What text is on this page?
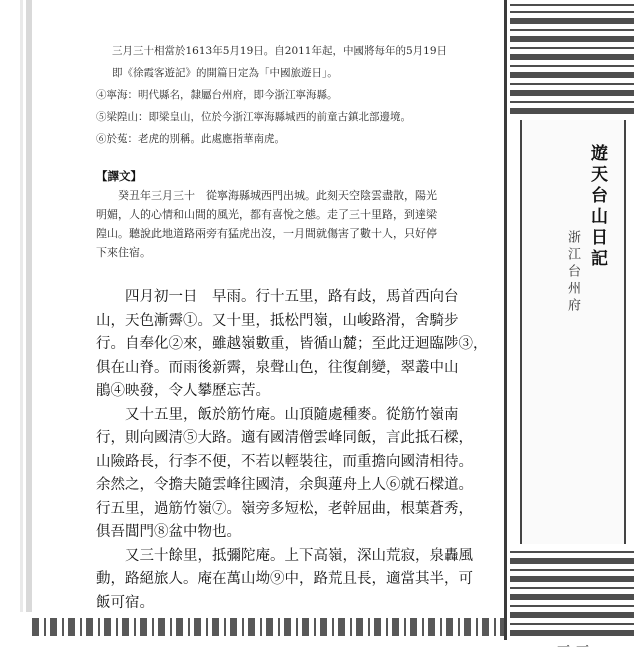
遊天台山日記
浙江台州府
一一
三月三十相當於1613年5月19日。自2011年起，中國將每年的5月19日
即《徐霞客遊記》的開篇日定為「中國旅遊日」。
④寧海：明代縣名，隸屬台州府，即今浙江寧海縣。
⑤梁隍山：即梁皇山，位於今浙江寧海縣城西的前童古鎮北部邊境。
⑥於菟：老虎的別稱。此處應指華南虎。
【譯文】
癸丑年三月三十　從寧海縣城西門出城。此刻天空陰雲盡散，陽光
明媚，人的心情和山間的風光，都有喜悅之態。走了三十里路，到達梁
隍山。聽說此地道路兩旁有猛虎出沒，一月間就傷害了數十人，只好停
下來住宿。
四月初一日　早雨。行十五里，路有歧，馬首西向台
山，天色漸霽①。又十里，抵松門嶺，山峻路滑，舍騎步
行。自奉化②來，雖越嶺數重，皆循山麓；至此迂迴臨陟③，
俱在山脊。而雨後新霽，泉聲山色，往復創變，翠叢中山
鵑④映發，令人攀歷忘苦。
又十五里，飯於筋竹庵。山頂隨處種麥。從筋竹嶺南
行，則向國清⑤大路。適有國清僧雲峰同飯，言此抵石樑，
山險路長，行李不便，不若以輕裝往，而重擔向國清相待。
余然之，令擔夫隨雲峰往國清，余與蓮舟上人⑥就石樑道。
行五里，過筋竹嶺⑦。嶺旁多短松，老幹屈曲，根葉蒼秀，
俱吾閶門⑧盆中物也。
又三十餘里，抵彌陀庵。上下高嶺，深山荒寂，泉轟風
動，路絕旅人。庵在萬山坳⑨中，路荒且長，適當其半，可
飯可宿。
